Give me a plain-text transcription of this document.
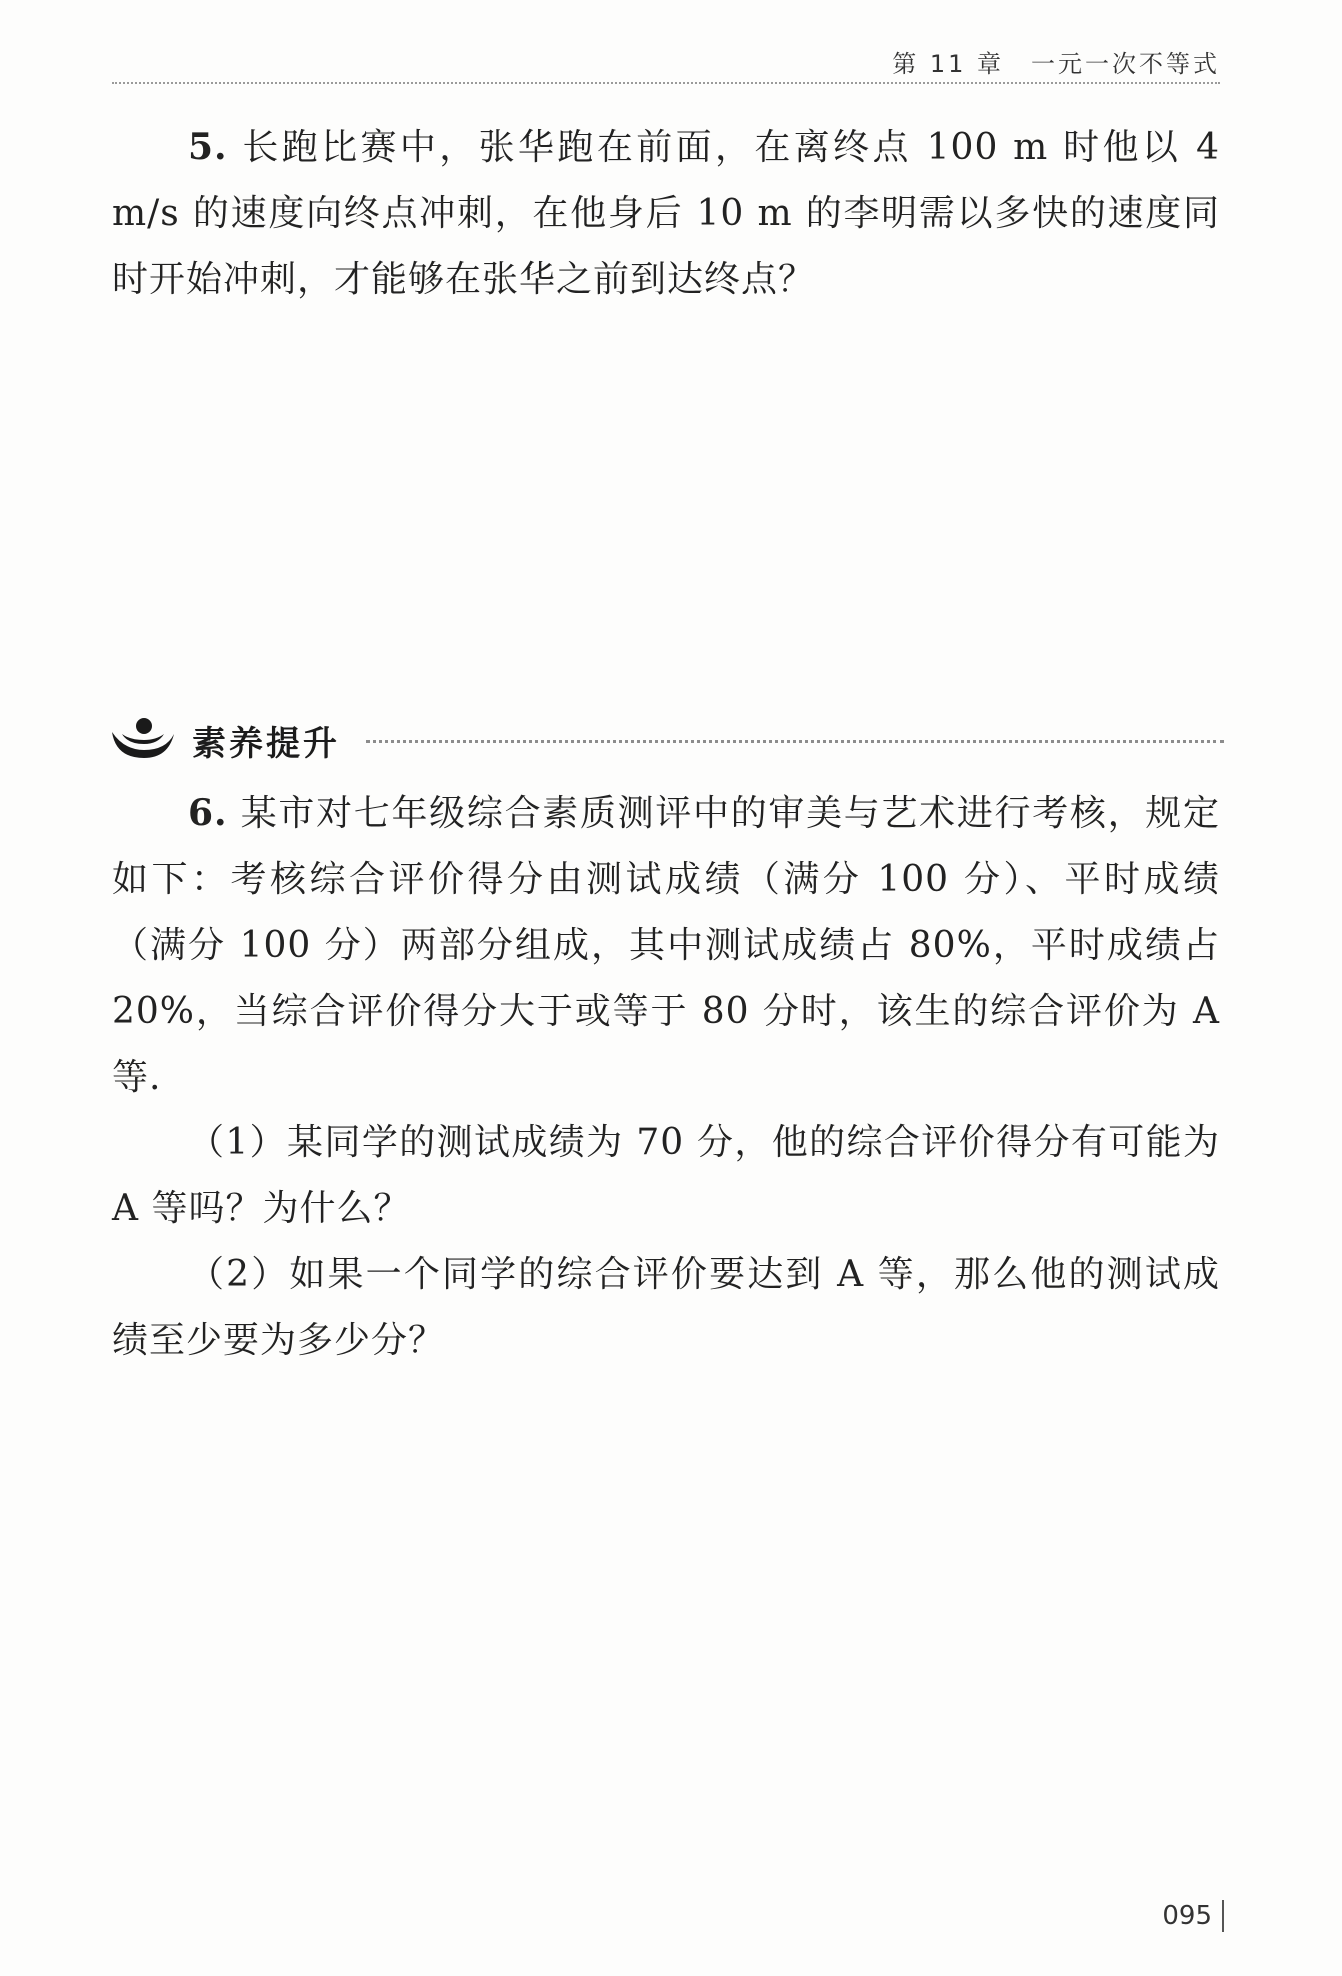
第 11 章　一元一次不等式

5. 长跑比赛中，张华跑在前面，在离终点 100 m 时他以 4 m/s 的速度向终点冲刺，在他身后 10 m 的李明需以多快的速度同时开始冲刺，才能够在张华之前到达终点？

素养提升

6. 某市对七年级综合素质测评中的审美与艺术进行考核，规定如下：考核综合评价得分由测试成绩（满分 100 分）、平时成绩（满分 100 分）两部分组成，其中测试成绩占 80%，平时成绩占 20%，当综合评价得分大于或等于 80 分时，该生的综合评价为 A 等.

（1）某同学的测试成绩为 70 分，他的综合评价得分有可能为 A 等吗？为什么？

（2）如果一个同学的综合评价要达到 A 等，那么他的测试成绩至少要为多少分？

095
